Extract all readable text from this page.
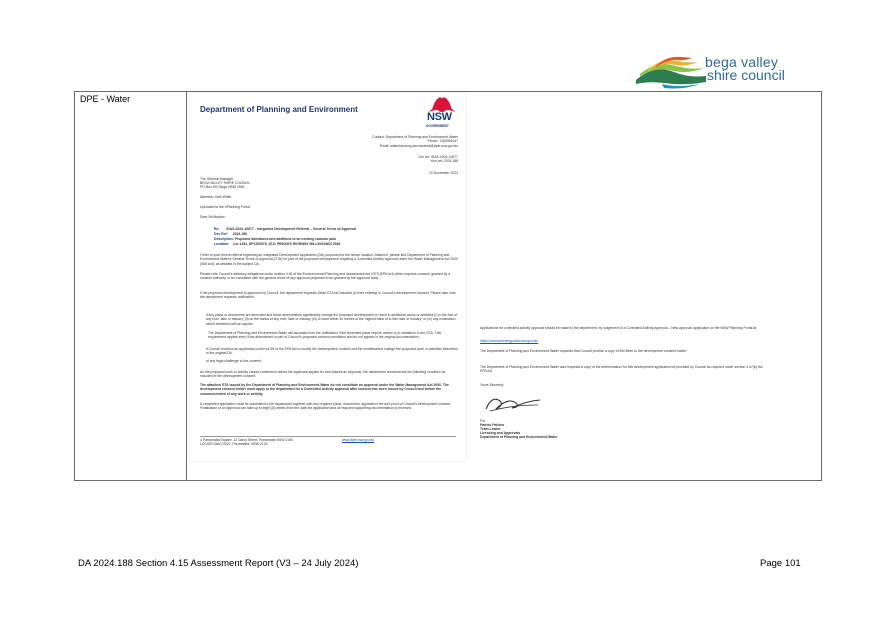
bega valley
shire council
DPE - Water
Department of Planning and Environment
NSW
GOVERNMENT
Contact: Department of Planning and Environment-Water
Phone: 1300081047
Email: waterlicensing.servicedesk@dpie.nsw.gov.au
Our ref: IDAS-2024-10677
Your ref: 2024.188
20 November 2024
The General Manager
BEGA VALLEY SHIRE COUNCIL
PO Box 492 Bega NSW 2550
Attention: Kelli White
Uploaded to the ePlanning Portal
Dear Sir/Madam
Re: IDAS-2024-10677 - Integrated Development Referral – General Terms of Approval
Dev Ref: 2024.188
Description: Proposed alterations and additions to an existing caravan park
Location: Lot 1453, DP1152678, 3211 PRINCES HIGHWAY MILLINGANDI 2549
I refer to your recent referral regarding an integrated Development Application (DA) proposed for the above location. Attached, please find Department of Planning and Environment-Water's General Terms of Approval (GTA) for part of the proposed development requiring a Controlled Activity approval under the Water Management Act 2000 (WM Act), as detailed in the subject DA.
Please note Council's statutory obligations under section 4.46 of the Environmental Planning and Assessment Act 1979 (EPA Act) which requires consent, granted by a consent authority, to be consistent with the general terms of any approval proposed to be granted by the approval body.
If the proposed development is approved by Council, the department requests these GTA be included (in their entirety) in Council's development consent. Please also note the department requests notification:
if any plans or documents are amended and these amendments significantly change the proposed development or result in additional works or activities (i) in the bed of any river, lake or estuary; (ii) on the banks of any river, lake or estuary, (iii) on land within 40 metres of the highest bank of a river lake or estuary; or (iv) any excavation which interferes with an aquifer.
The Department of Planning and Environment-Water will ascertain from the notification if the amended plans require review of or variations to the GTA. This requirement applies even if the amendment is part of Council's proposed consent conditions and do not appear in the original documentation.
if Council receives an application under s4.55 of the EPA Act to modify the development consent and the modifications change the proposed work or activities described in the original DA.
of any legal challenge to the consent.
As the proposed work or activity cannot commence before the applicant applies for and obtains an approval, the department recommends the following condition be included in the development consent:
The attached GTA issued by the Department of Planning and Environment-Water do not constitute an approval under the Water Management Act 2000. The development consent holder must apply to the department for a Controlled Activity approval after consent has been issued by Council and before the commencement of any work or activity.
A completed application must be submitted to the department together with any required plans, documents, application fee and proof of Council's development consent. Finalisation of an approval can take up to eight (8) weeks from the date the application and all required supporting documentation is received.
4 Parramatta Square, 12 Darcy Street, Parramatta NSW 2150
LOCKED BAG 5022, Parramatta, NSW 2124
www.dpie.nsw.gov.au
Applications for controlled activity approval should be made to the department, by lodgement of a Controlled Activity Approval – New approval application on the NSW Planning Portal at:
https://www.planningportal.nsw.gov.au/
The Department of Planning and Environment-Water requests that Council provide a copy of this letter to the development consent holder.
The Department of Planning and Environment-Water also requests a copy of the determination for this development application be provided by Council as required under section 4.47(6) the EPA Act.
Yours Sincerely
For
Patrick Pahlow
Team Leader
Licensing and Approvals
Department of Planning and Environment-Water
DA 2024.188 Section 4.15 Assessment Report (V3 – 24 July 2024)	Page 101
